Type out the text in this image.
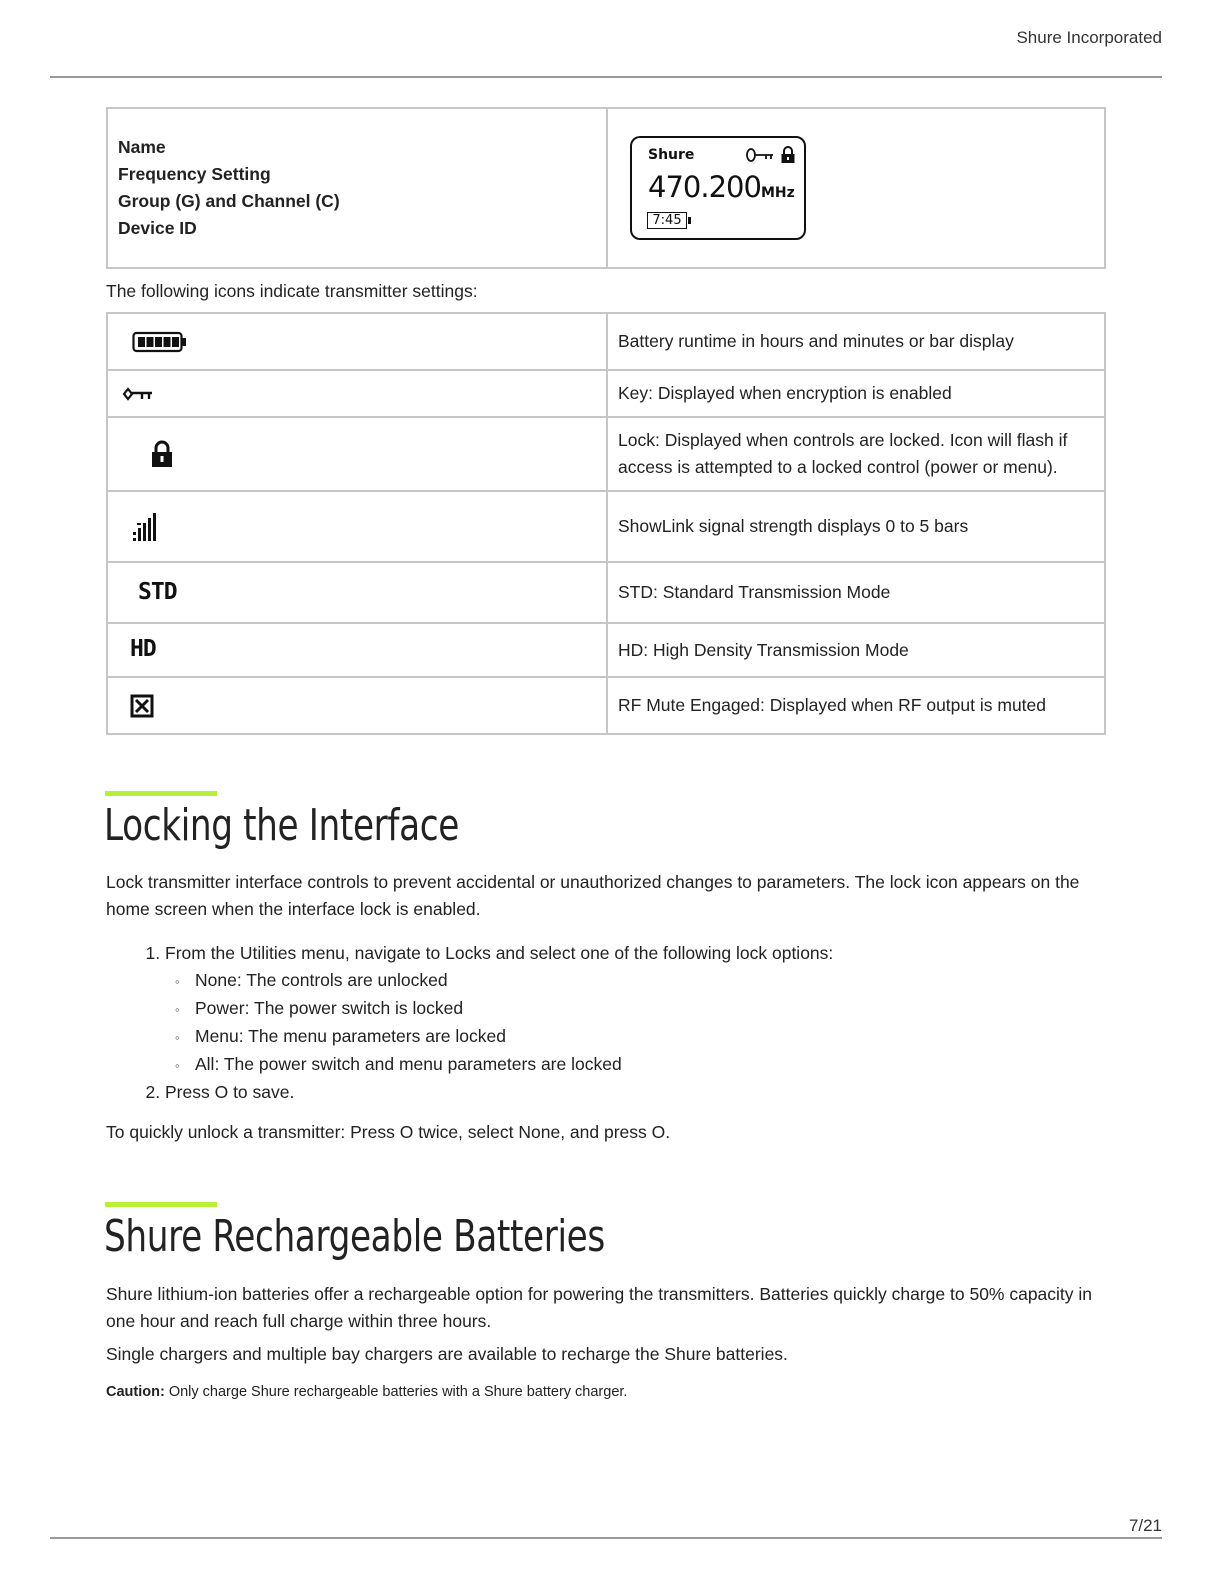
Shure Incorporated
Name
Frequency Setting
Group (G) and Channel (C)
Device ID

Shure
470.200MHz
7:45
The following icons indicate transmitter settings:
	Battery runtime in hours and minutes or bar display

	Key: Displayed when encryption is enabled

	Lock: Displayed when controls are locked. Icon will flash if access is attempted to a locked control (power or menu).

	ShowLink signal strength displays 0 to 5 bars
STD	STD: Standard Transmission Mode
HD	HD: High Density Transmission Mode

	RF Mute Engaged: Displayed when RF output is muted
Locking the Interface

Lock transmitter interface controls to prevent accidental or unauthorized changes to parameters. The lock icon appears on the home screen when the interface lock is enabled.

1. From the Utilities menu, navigate to Locks and select one of the following lock options:
◦ None: The controls are unlocked
◦ Power: The power switch is locked
◦ Menu: The menu parameters are locked
◦ All: The power switch and menu parameters are locked
2. Press O to save.

To quickly unlock a transmitter: Press O twice, select None, and press O.

Shure Rechargeable Batteries

Shure lithium-ion batteries offer a rechargeable option for powering the transmitters. Batteries quickly charge to 50% capacity in one hour and reach full charge within three hours.

Single chargers and multiple bay chargers are available to recharge the Shure batteries.

Caution: Only charge Shure rechargeable batteries with a Shure battery charger.
7/21
